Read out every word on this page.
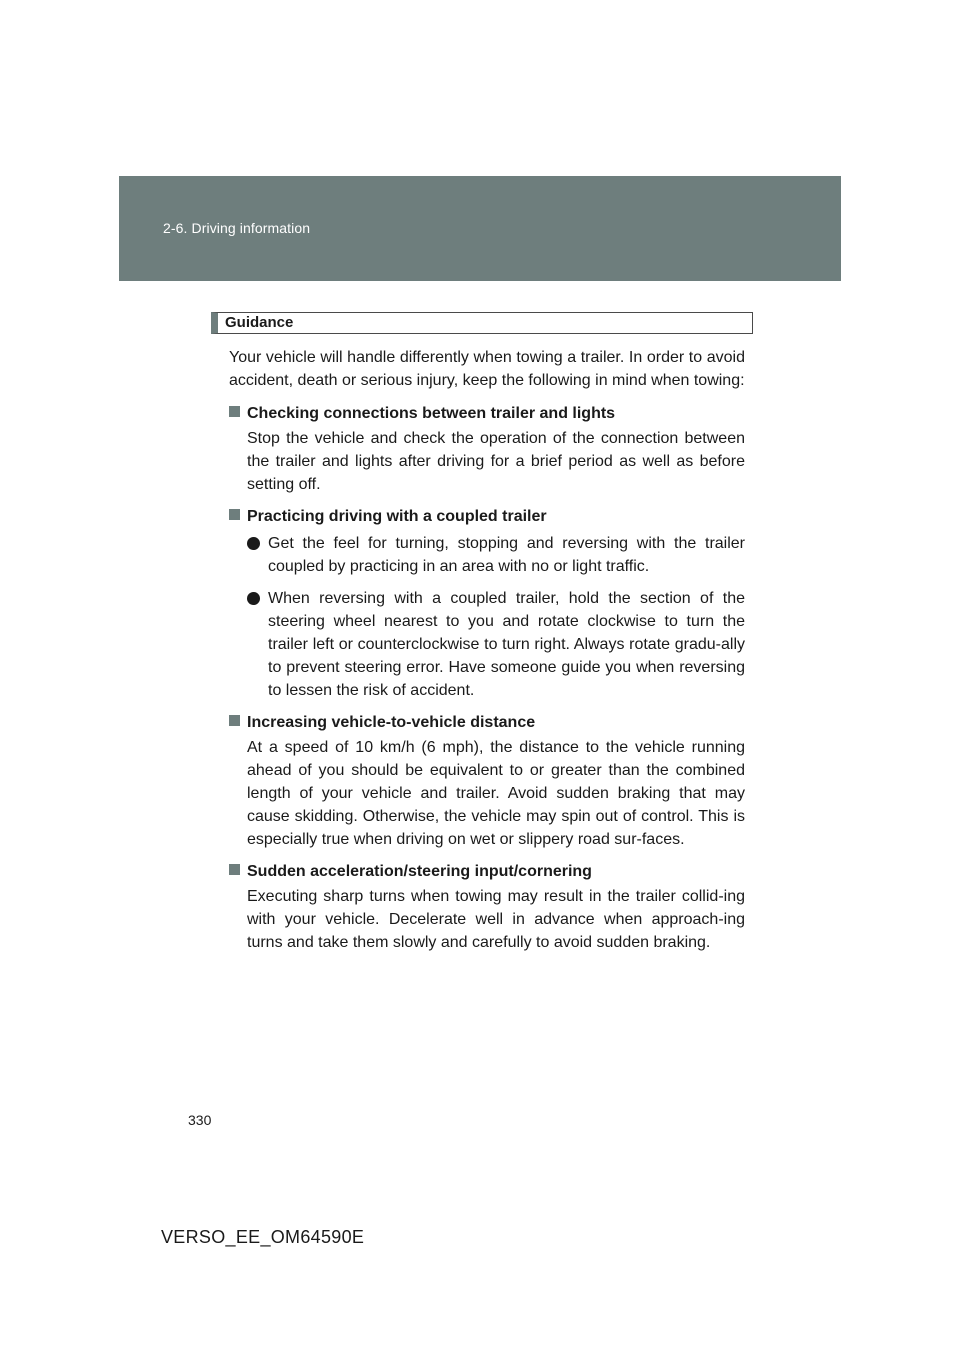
2-6. Driving information
Guidance

Your vehicle will handle differently when towing a trailer. In order to avoid accident, death or serious injury, keep the following in mind when towing:

Checking connections between trailer and lights

Stop the vehicle and check the operation of the connection between the trailer and lights after driving for a brief period as well as before setting off.

Practicing driving with a coupled trailer
Get the feel for turning, stopping and reversing with the trailer coupled by practicing in an area with no or light traffic.
When reversing with a coupled trailer, hold the section of the steering wheel nearest to you and rotate clockwise to turn the trailer left or counterclockwise to turn right. Always rotate gradu-ally to prevent steering error. Have someone guide you when reversing to lessen the risk of accident.
Increasing vehicle-to-vehicle distance

At a speed of 10 km/h (6 mph), the distance to the vehicle running ahead of you should be equivalent to or greater than the combined length of your vehicle and trailer. Avoid sudden braking that may cause skidding. Otherwise, the vehicle may spin out of control. This is especially true when driving on wet or slippery road sur-faces.

Sudden acceleration/steering input/cornering

Executing sharp turns when towing may result in the trailer collid-ing with your vehicle. Decelerate well in advance when approach-ing turns and take them slowly and carefully to avoid sudden braking.

330
VERSO_EE_OM64590E
